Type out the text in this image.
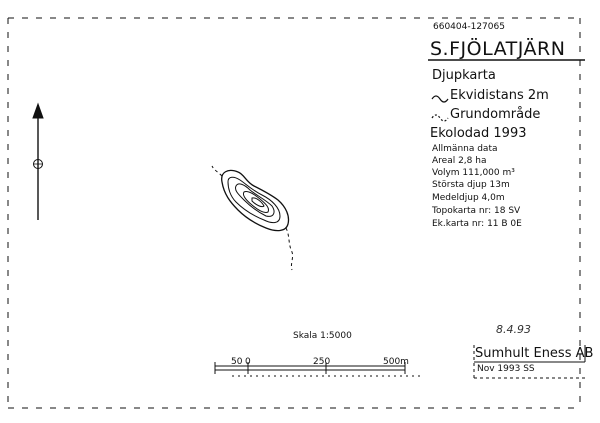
660404-127065
S.FJÖLATJÄRN
Djupkarta
Ekvidistans 2m
Grundområde
Ekolodad 1993
Allmänna data
Areal 2,8 ha
Volym 111,000 m³
Största djup 13m
Medeldjup 4,0m
Topokarta nr: 18 SV
Ek.karta nr: 11 B 0E
Skala 1:5000
50 0	250	500m
8.4.93
Sumhult Eness AB
Nov 1993 SS
